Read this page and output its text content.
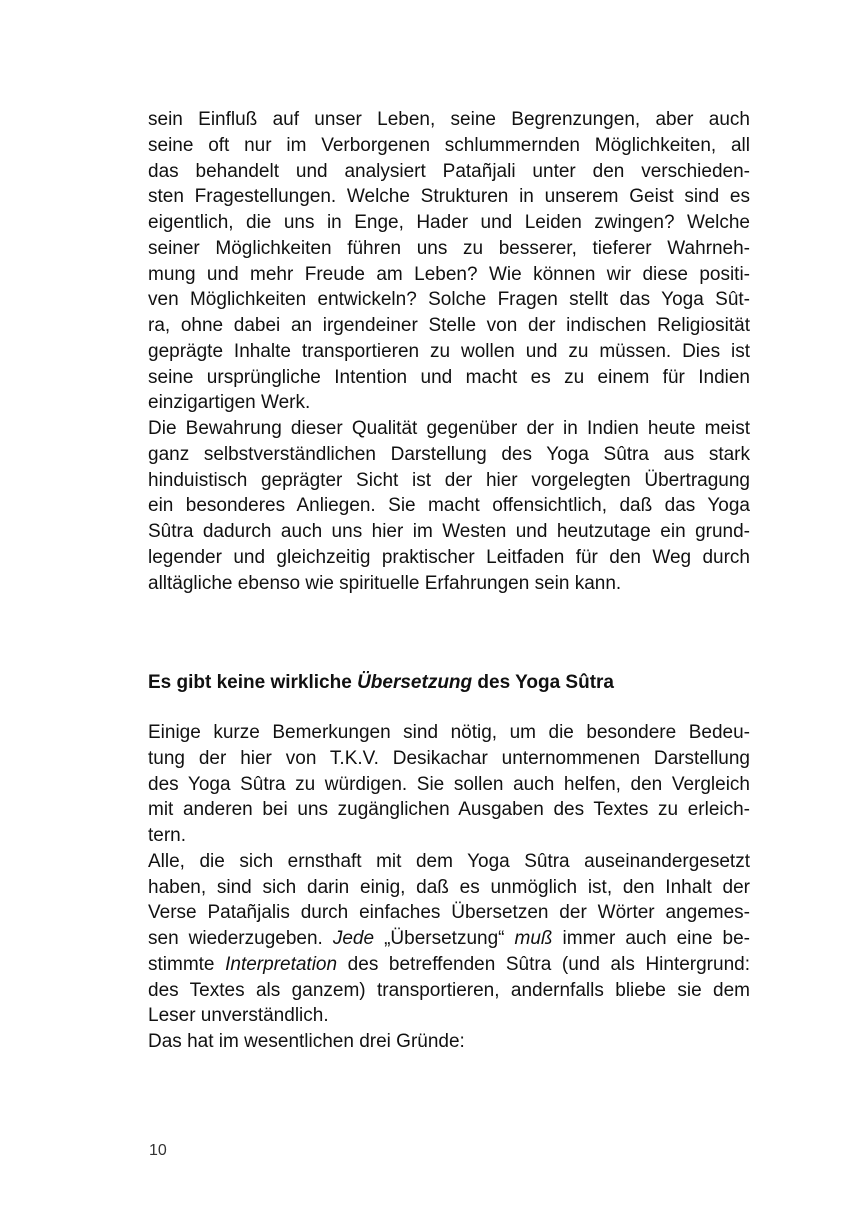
sein Einfluß auf unser Leben, seine Begrenzungen, aber auch
seine oft nur im Verborgenen schlummernden Möglichkeiten, all
das behandelt und analysiert Patañjali unter den verschieden-
sten Fragestellungen. Welche Strukturen in unserem Geist sind es
eigentlich, die uns in Enge, Hader und Leiden zwingen? Welche
seiner Möglichkeiten führen uns zu besserer, tieferer Wahrneh-
mung und mehr Freude am Leben? Wie können wir diese positi-
ven Möglichkeiten entwickeln? Solche Fragen stellt das Yoga Sût-
ra, ohne dabei an irgendeiner Stelle von der indischen Religiosität
geprägte Inhalte transportieren zu wollen und zu müssen. Dies ist
seine ursprüngliche Intention und macht es zu einem für Indien
einzigartigen Werk.
Die Bewahrung dieser Qualität gegenüber der in Indien heute meist
ganz selbstverständlichen Darstellung des Yoga Sûtra aus stark
hinduistisch geprägter Sicht ist der hier vorgelegten Übertragung
ein besonderes Anliegen. Sie macht offensichtlich, daß das Yoga
Sûtra dadurch auch uns hier im Westen und heutzutage ein grund-
legender und gleichzeitig praktischer Leitfaden für den Weg durch
alltägliche ebenso wie spirituelle Erfahrungen sein kann.
Es gibt keine wirkliche Übersetzung des Yoga Sûtra
Einige kurze Bemerkungen sind nötig, um die besondere Bedeu-
tung der hier von T.K.V. Desikachar unternommenen Darstellung
des Yoga Sûtra zu würdigen. Sie sollen auch helfen, den Vergleich
mit anderen bei uns zugänglichen Ausgaben des Textes zu erleich-
tern.
Alle, die sich ernsthaft mit dem Yoga Sûtra auseinandergesetzt
haben, sind sich darin einig, daß es unmöglich ist, den Inhalt der
Verse Patañjalis durch einfaches Übersetzen der Wörter angemes-
sen wiederzugeben. Jede „Übersetzung“ muß immer auch eine be-
stimmte Interpretation des betreffenden Sûtra (und als Hintergrund:
des Textes als ganzem) transportieren, andernfalls bliebe sie dem
Leser unverständlich.
Das hat im wesentlichen drei Gründe:
10
